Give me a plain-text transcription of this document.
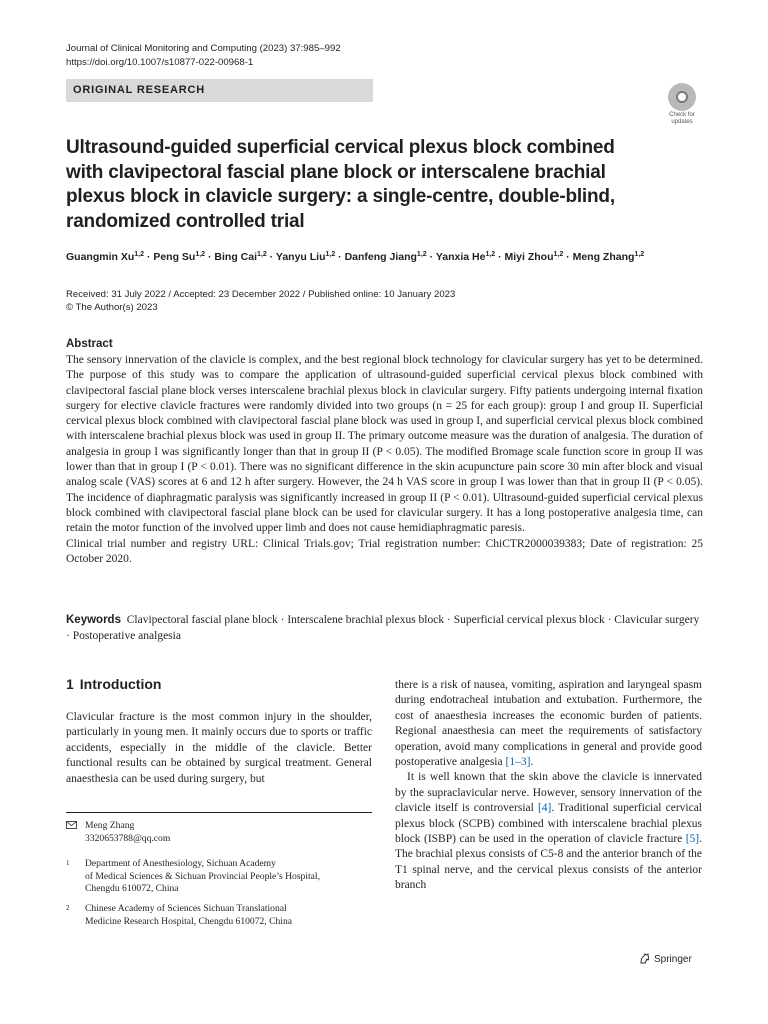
Journal of Clinical Monitoring and Computing (2023) 37:985–992
https://doi.org/10.1007/s10877-022-00968-1
ORIGINAL RESEARCH
Check for
updates
Ultrasound-guided superficial cervical plexus block combined with clavipectoral fascial plane block or interscalene brachial plexus block in clavicle surgery: a single-centre, double-blind, randomized controlled trial
Guangmin Xu$^{1,2}$ · Peng Su$^{1,2}$ · Bing Cai$^{1,2}$ · Yanyu Liu$^{1,2}$ · Danfeng Jiang$^{1,2}$ · Yanxia He$^{1,2}$ · Miyi Zhou$^{1,2}$ · Meng Zhang$^{1,2}$
Received: 31 July 2022 / Accepted: 23 December 2022 / Published online: 10 January 2023
© The Author(s) 2023
Abstract

The sensory innervation of the clavicle is complex, and the best regional block technology for clavicular surgery has yet to be determined. The purpose of this study was to compare the application of ultrasound-guided superficial cervical plexus block combined with clavipectoral fascial plane block verses interscalene brachial plexus block in clavicular surgery. Fifty patients undergoing internal fixation surgery for elective clavicle fractures were randomly divided into two groups (n = 25 for each group): group I and group II. Superficial cervical plexus block combined with clavipectoral fascial plane block was used in group I, and superficial cervical plexus block combined with interscalene brachial plexus block was used in group II. The primary outcome measure was the duration of analgesia. The duration of analgesia in group I was significantly longer than that in group II (P < 0.05). The modified Bromage scale function score in group II was lower than that in group I (P < 0.01). There was no significant difference in the skin acupuncture pain score 30 min after block and visual analog scale (VAS) scores at 6 and 12 h after surgery. However, the 24 h VAS score in group I was lower than that in group II (P < 0.05). The incidence of diaphragmatic paralysis was significantly increased in group II (P < 0.01). Ultrasound-guided superficial cervical plexus block combined with clavipectoral fascial plane block can be used for clavicular surgery. It has a long postoperative analgesia time, can retain the motor function of the involved upper limb and does not cause hemidiaphragmatic paresis.

Clinical trial number and registry URL: Clinical Trials.gov; Trial registration number: ChiCTR2000039383; Date of registration: 25 October 2020.

Keywords Clavipectoral fascial plane block · Interscalene brachial plexus block · Superficial cervical plexus block · Clavicular surgery · Postoperative analgesia
1 Introduction

Clavicular fracture is the most common injury in the shoulder, particularly in young men. It mainly occurs due to sports or traffic accidents, especially in the middle of the clavicle. Better functional results can be obtained by surgical treatment. General anaesthesia can be used during surgery, but

there is a risk of nausea, vomiting, aspiration and laryngeal spasm during endotracheal intubation and extubation. Furthermore, the cost of anaesthesia increases the economic burden of patients. Regional anaesthesia can meet the requirements of satisfactory operation, avoid many complications in general and provide good postoperative analgesia [1–3].

It is well known that the skin above the clavicle is innervated by the supraclavicular nerve. However, sensory innervation of the clavicle itself is controversial [4]. Traditional superficial cervical plexus block (SCPB) combined with interscalene brachial plexus block (ISBP) can be used in the operation of clavicle fracture [5]. The brachial plexus consists of C5-8 and the anterior branch of the T1 spinal nerve, and the cervical plexus consists of the anterior branch

Meng Zhang
3320653788@qq.com
1 Department of Anesthesiology, Sichuan Academy
of Medical Sciences & Sichuan Provincial People’s Hospital,
Chengdu 610072, China
2 Chinese Academy of Sciences Sichuan Translational
Medicine Research Hospital, Chengdu 610072, China
Springer
